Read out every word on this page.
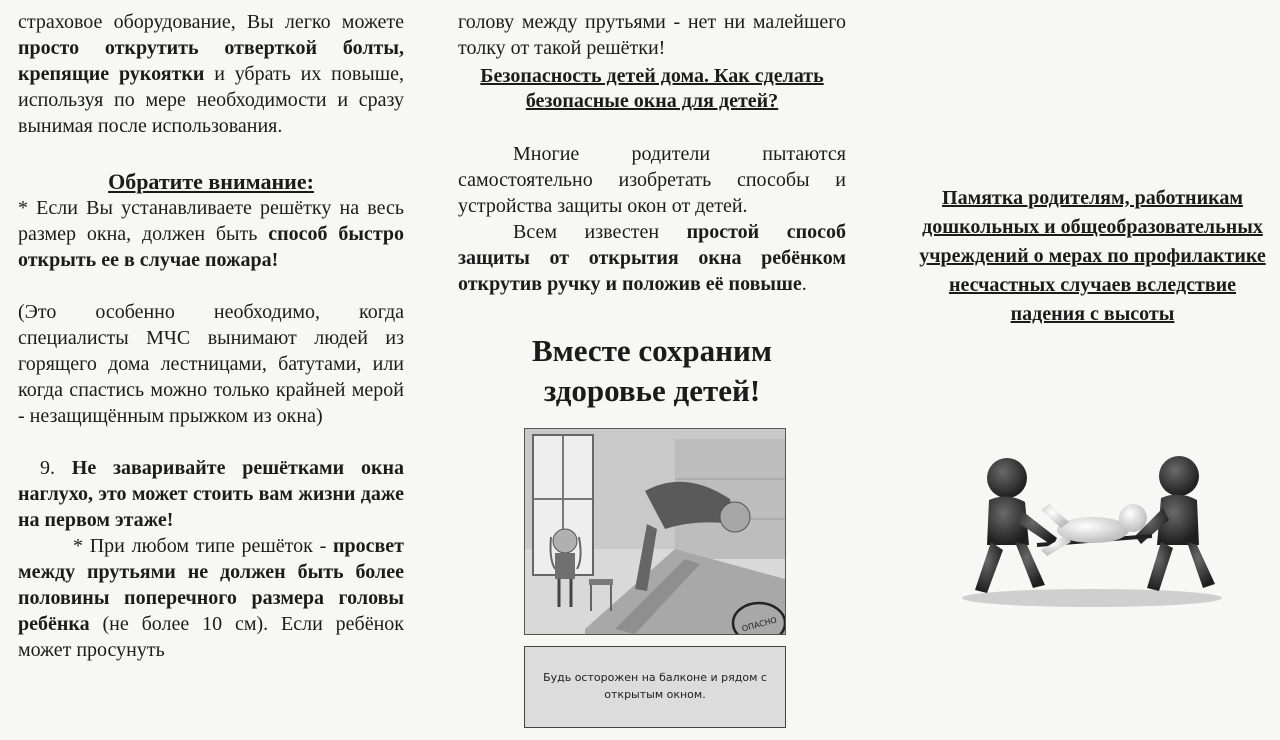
страховое оборудование, Вы легко можете просто открутить отверткой болты, крепящие рукоятки и убрать их повыше, используя по мере необходимости и сразу вынимая после использования.

Обратите внимание:

* Если Вы устанавливаете решётку на весь размер окна, должен быть способ быстро открыть ее в случае пожара!

(Это особенно необходимо, когда специалисты МЧС вынимают людей из горящего дома лестницами, батутами, или когда спастись можно только крайней мерой - незащищённым прыжком из окна)

9. Не заваривайте решётками окна наглухо, это может стоить вам жизни даже на первом этаже!

* При любом типе решёток - просвет между прутьями не должен быть более половины поперечного размера головы ребёнка (не более 10 см). Если ребёнок может просунуть

голову между прутьями - нет ни малейшего толку от такой решётки!

Безопасность детей дома. Как сделать безопасные окна для детей?

Многие родители пытаются самостоятельно изобретать способы и устройства защиты окон от детей.

Всем известен простой способ защиты от открытия окна ребёнком открутив ручку и положив её повыше.

Вместе сохраним здоровье детей!

ОПАСНО

Будь осторожен на балконе и рядом с открытым окном.

Памятка родителям, работникам дошкольных и общеобразовательных учреждений о мерах по профилактике несчастных случаев вследствие падения с высоты
